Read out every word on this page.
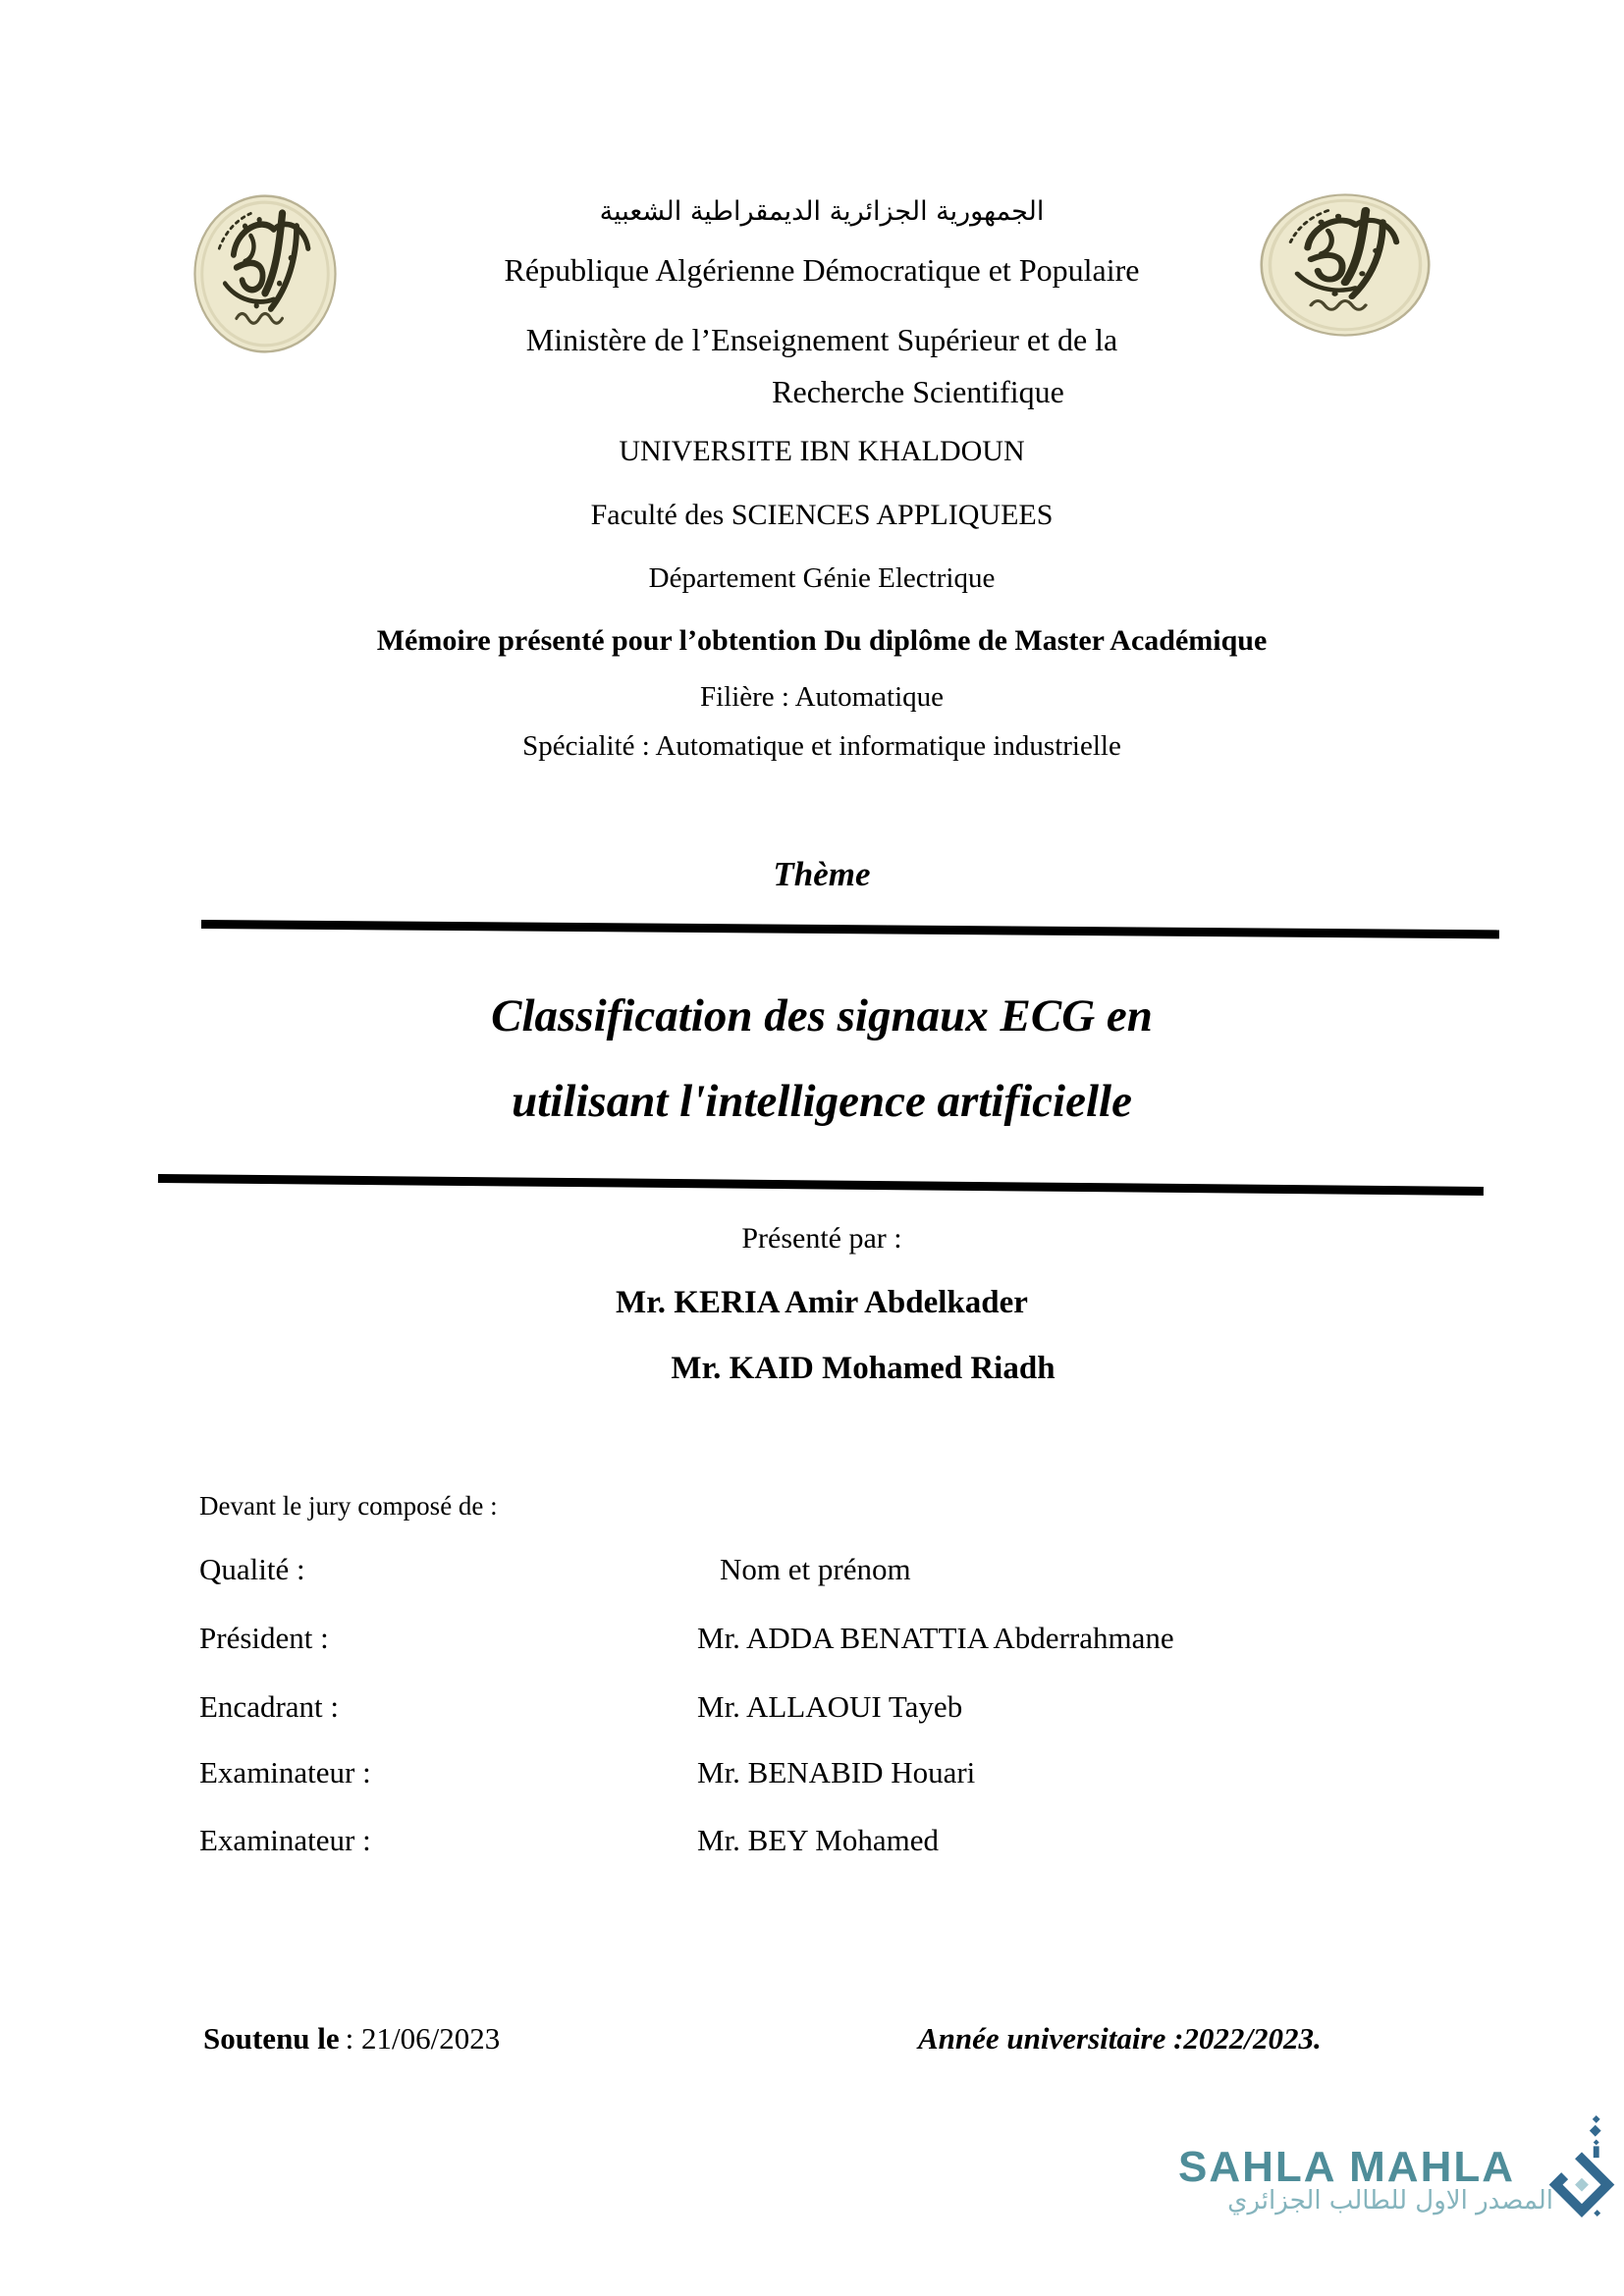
الجمهورية الجزائرية الديمقراطية الشعبية
République Algérienne Démocratique et Populaire
Ministère de l’Enseignement Supérieur et de la
Recherche Scientifique
UNIVERSITE IBN KHALDOUN
Faculté des SCIENCES APPLIQUEES
Département Génie Electrique
Mémoire présenté pour l’obtention Du diplôme de Master Académique
Filière : Automatique
Spécialité : Automatique et informatique industrielle
Thème
Classification des signaux ECG en
utilisant l'intelligence artificielle
Présenté par :
Mr. KERIA Amir Abdelkader
Mr. KAID Mohamed Riadh
Devant le jury composé de :
Qualité :	Nom et prénom
Président :	Mr. ADDA BENATTIA Abderrahmane
Encadrant :	Mr. ALLAOUI Tayeb
Examinateur :	Mr. BENABID Houari
Examinateur :	Mr. BEY Mohamed
Soutenu le : 21/06/2023	Année universitaire :2022/2023.
SAHLA MAHLA
المصدر الاول للطالب الجزائري
